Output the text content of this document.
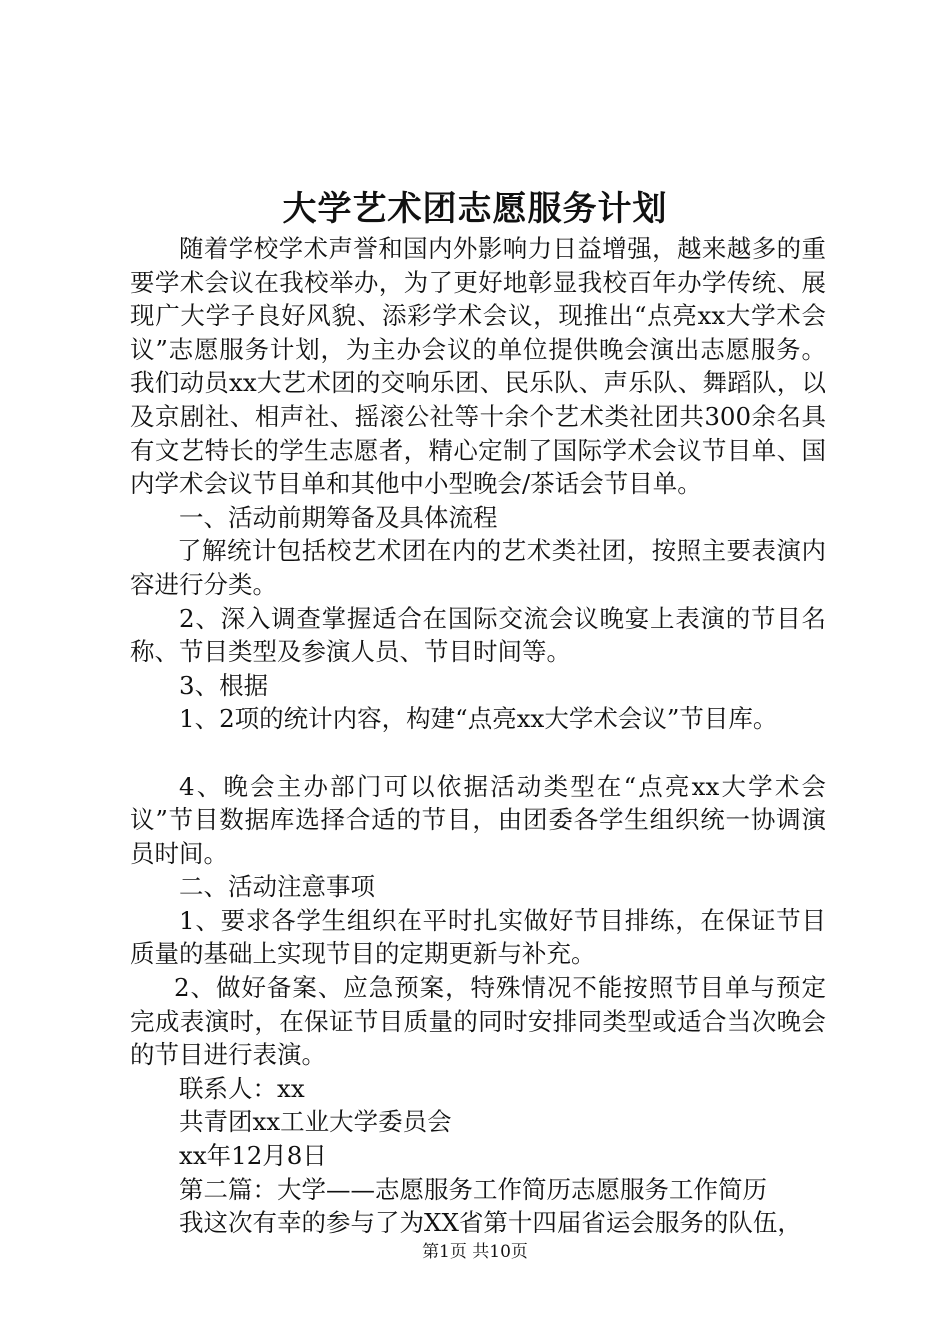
大学艺术团志愿服务计划

随着学校学术声誉和国内外影响力日益增强，越来越多的重要学术会议在我校举办，为了更好地彰显我校百年办学传统、展现广大学子良好风貌、添彩学术会议，现推出“点亮xx大学术会议”志愿服务计划，为主办会议的单位提供晚会演出志愿服务。我们动员xx大艺术团的交响乐团、民乐队、声乐队、舞蹈队，以及京剧社、相声社、摇滚公社等十余个艺术类社团共300余名具有文艺特长的学生志愿者，精心定制了国际学术会议节目单、国内学术会议节目单和其他中小型晚会/茶话会节目单。

一、活动前期筹备及具体流程

了解统计包括校艺术团在内的艺术类社团，按照主要表演内容进行分类。

2、深入调查掌握适合在国际交流会议晚宴上表演的节目名称、节目类型及参演人员、节目时间等。

3、根据

1、2项的统计内容，构建“点亮xx大学术会议”节目库。

4、晚会主办部门可以依据活动类型在“点亮xx大学术会议”节目数据库选择合适的节目，由团委各学生组织统一协调演员时间。

二、活动注意事项

1、要求各学生组织在平时扎实做好节目排练，在保证节目质量的基础上实现节目的定期更新与补充。

2、做好备案、应急预案，特殊情况不能按照节目单与预定完成表演时，在保证节目质量的同时安排同类型或适合当次晚会的节目进行表演。

联系人：xx

共青团xx工业大学委员会

xx年12月8日

第二篇：大学——志愿服务工作简历志愿服务工作简历

我这次有幸的参与了为XX省第十四届省运会服务的队伍，

第1页 共10页
